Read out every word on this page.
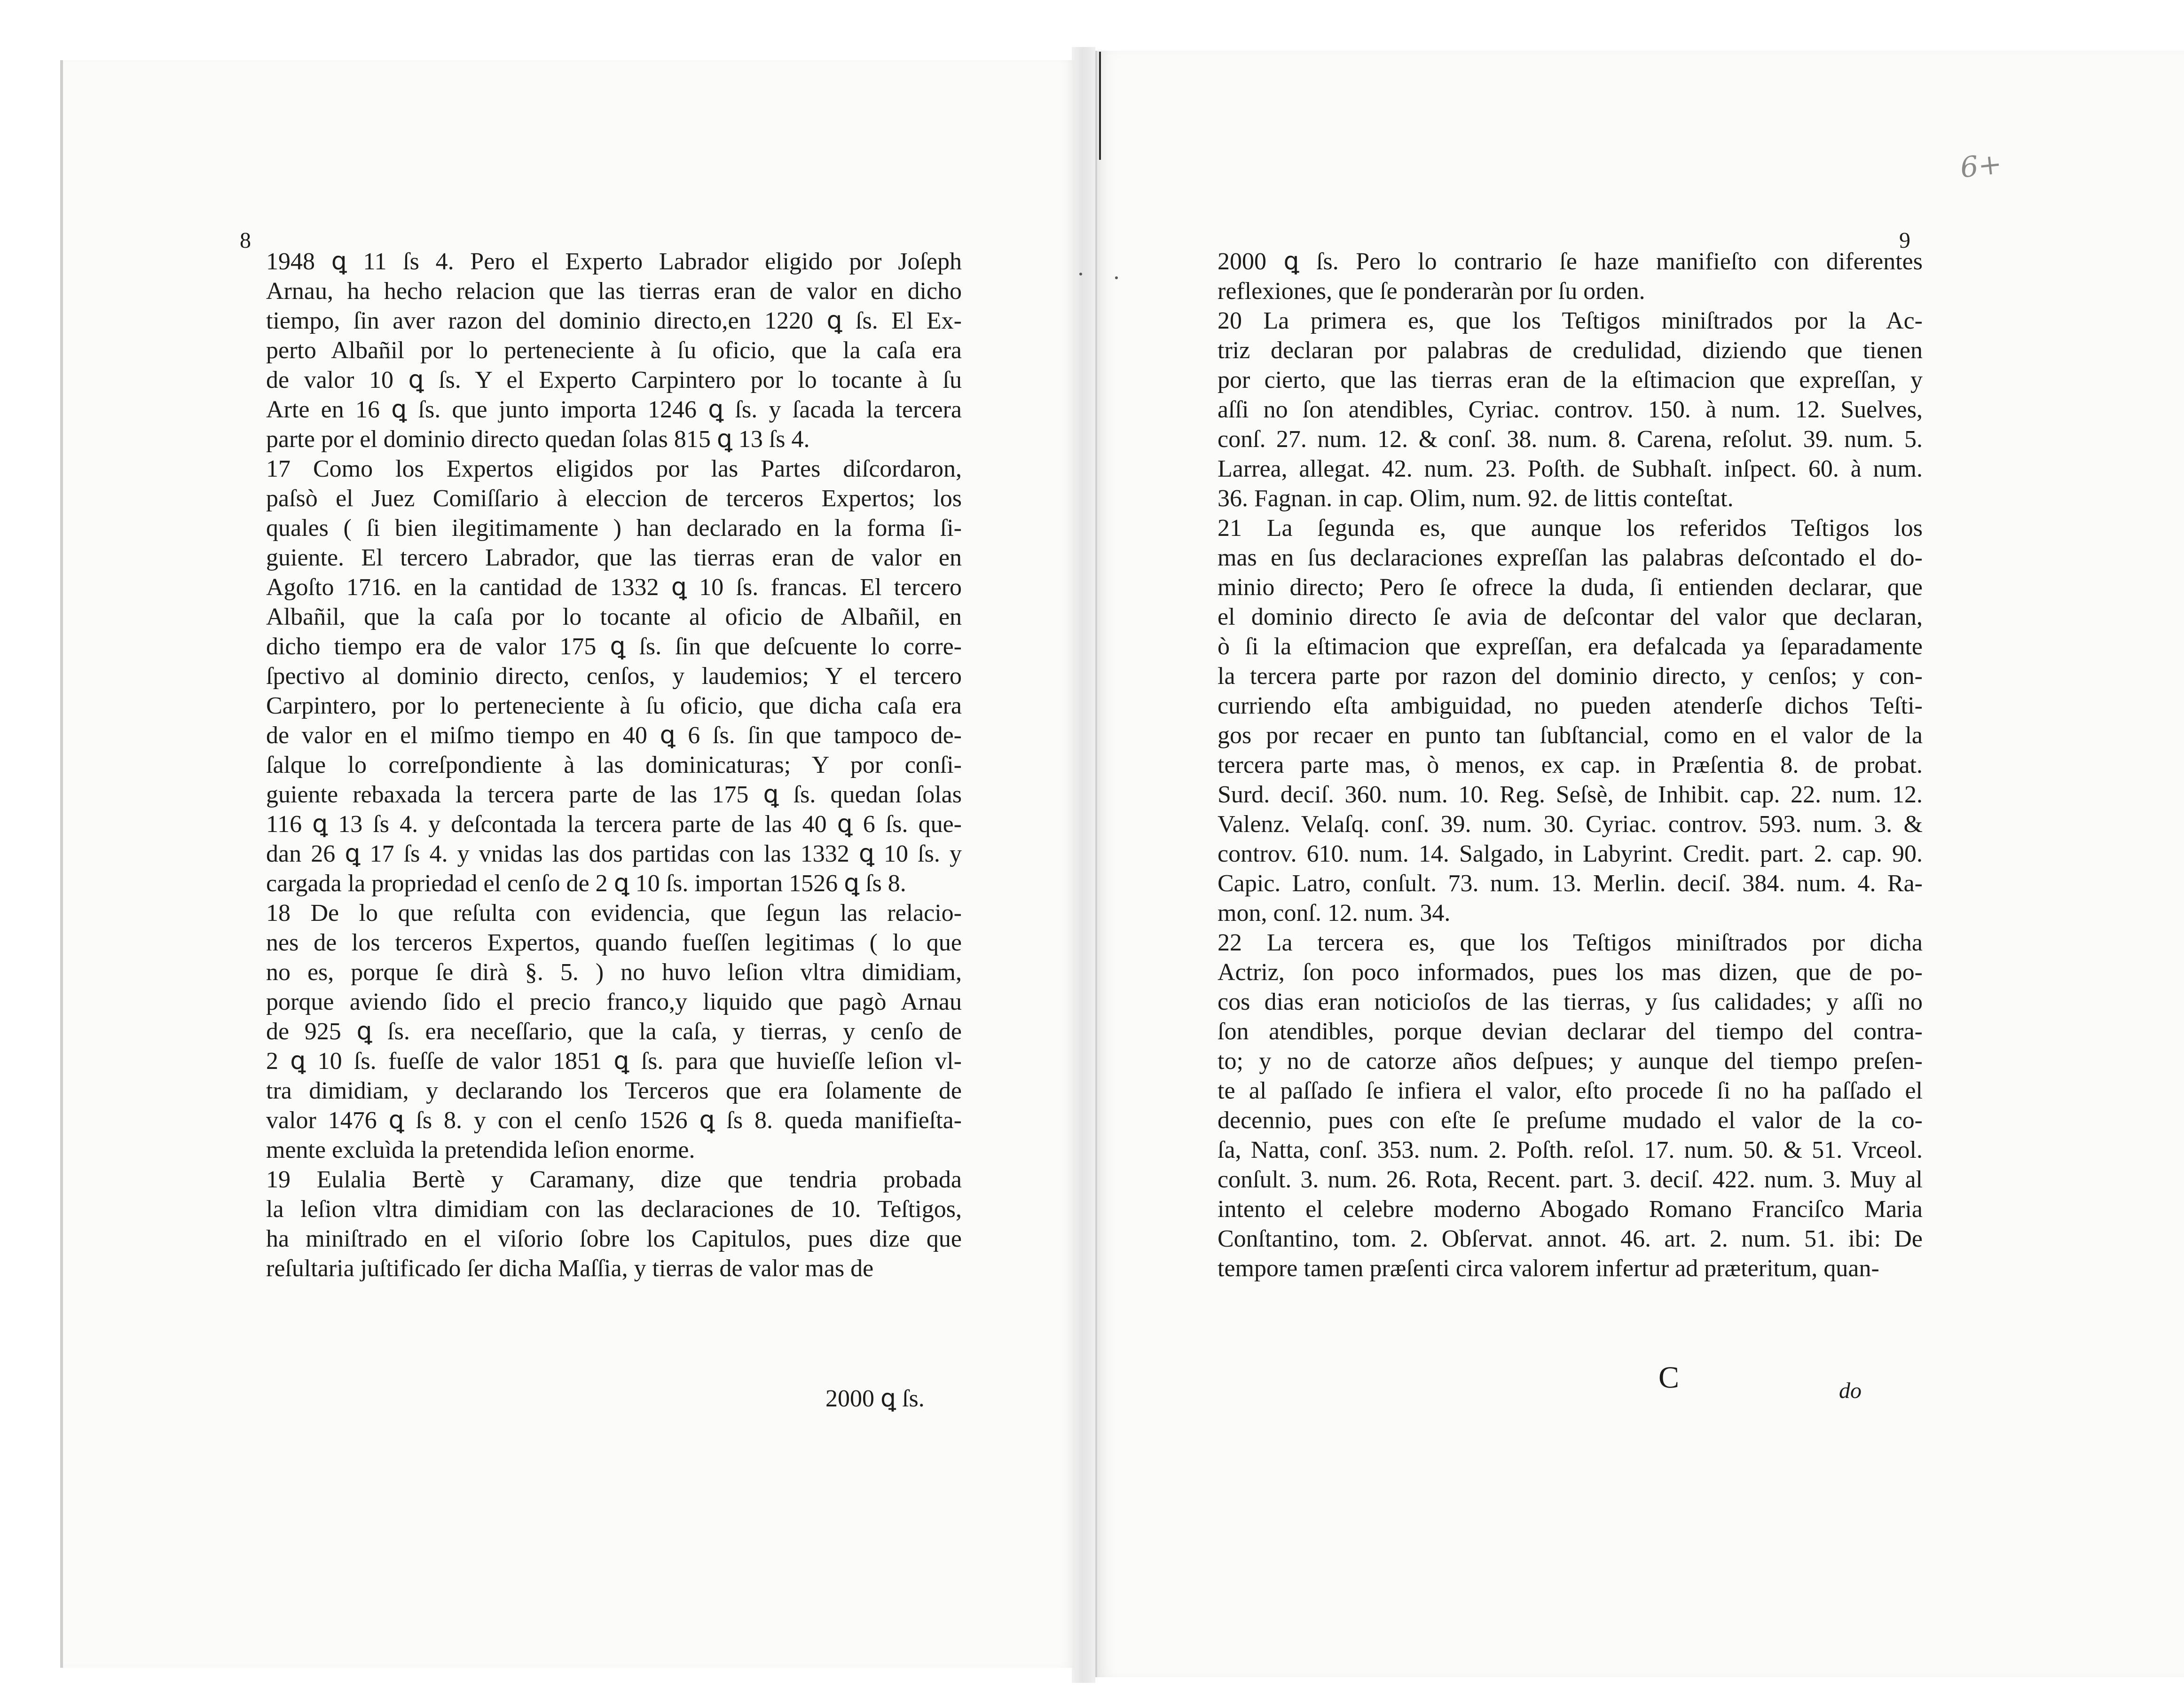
8	9
6+
1948 ꝗ 11 ſs 4. Pero el Experto Labrador eligido por Joſeph
Arnau, ha hecho relacion que las tierras eran de valor en dicho
tiempo, ſin aver razon del dominio directo,en 1220 ꝗ ſs. El Ex-
perto Albañil por lo perteneciente à ſu oficio, que la caſa era
de valor 10 ꝗ ſs. Y el Experto Carpintero por lo tocante à ſu
Arte en 16 ꝗ ſs. que junto importa 1246 ꝗ ſs. y ſacada la tercera
parte por el dominio directo quedan ſolas 815 ꝗ 13 ſs 4.
17 Como los Expertos eligidos por las Partes diſcordaron,
paſsò el Juez Comiſſario à eleccion de terceros Expertos; los
quales ( ſi bien ilegitimamente ) han declarado en la forma ſi-
guiente. El tercero Labrador, que las tierras eran de valor en
Agoſto 1716. en la cantidad de 1332 ꝗ 10 ſs. francas. El tercero
Albañil, que la caſa por lo tocante al oficio de Albañil, en
dicho tiempo era de valor 175 ꝗ ſs. ſin que deſcuente lo corre-
ſpectivo al dominio directo, cenſos, y laudemios; Y el tercero
Carpintero, por lo perteneciente à ſu oficio, que dicha caſa era
de valor en el miſmo tiempo en 40 ꝗ 6 ſs. ſin que tampoco de-
ſalque lo correſpondiente à las dominicaturas; Y por conſi-
guiente rebaxada la tercera parte de las 175 ꝗ ſs. quedan ſolas
116 ꝗ 13 ſs 4. y deſcontada la tercera parte de las 40 ꝗ 6 ſs. que-
dan 26 ꝗ 17 ſs 4. y vnidas las dos partidas con las 1332 ꝗ 10 ſs. y
cargada la propriedad el cenſo de 2 ꝗ 10 ſs. importan 1526 ꝗ ſs 8.
18 De lo que reſulta con evidencia, que ſegun las relacio-
nes de los terceros Expertos, quando fueſſen legitimas ( lo que
no es, porque ſe dirà §. 5. ) no huvo leſion vltra dimidiam,
porque aviendo ſido el precio franco,y liquido que pagò Arnau
de 925 ꝗ ſs. era neceſſario, que la caſa, y tierras, y cenſo de
2 ꝗ 10 ſs. fueſſe de valor 1851 ꝗ ſs. para que huvieſſe leſion vl-
tra dimidiam, y declarando los Terceros que era ſolamente de
valor 1476 ꝗ ſs 8. y con el cenſo 1526 ꝗ ſs 8. queda manifieſta-
mente excluìda la pretendida leſion enorme.
19 Eulalia Bertè y Caramany, dize que tendria probada
la leſion vltra dimidiam con las declaraciones de 10. Teſtigos,
ha miniſtrado en el viſorio ſobre los Capitulos, pues dize que
reſultaria juſtificado ſer dicha Maſſia, y tierras de valor mas de
2000 ꝗ ſs.
2000 ꝗ ſs. Pero lo contrario ſe haze manifieſto con diferentes
reflexiones, que ſe ponderaràn por ſu orden.
20 La primera es, que los Teſtigos miniſtrados por la Ac-
triz declaran por palabras de credulidad, diziendo que tienen
por cierto, que las tierras eran de la eſtimacion que expreſſan, y
aſſi no ſon atendibles, Cyriac. controv. 150. à num. 12. Suelves,
conſ. 27. num. 12. & conſ. 38. num. 8. Carena, reſolut. 39. num. 5.
Larrea, allegat. 42. num. 23. Poſth. de Subhaſt. inſpect. 60. à num.
36. Fagnan. in cap. Olim, num. 92. de littis conteſtat.
21 La ſegunda es, que aunque los referidos Teſtigos los
mas en ſus declaraciones expreſſan las palabras deſcontado el do-
minio directo; Pero ſe ofrece la duda, ſi entienden declarar, que
el dominio directo ſe avia de deſcontar del valor que declaran,
ò ſi la eſtimacion que expreſſan, era defalcada ya ſeparadamente
la tercera parte por razon del dominio directo, y cenſos; y con-
curriendo eſta ambiguidad, no pueden atenderſe dichos Teſti-
gos por recaer en punto tan ſubſtancial, como en el valor de la
tercera parte mas, ò menos, ex cap. in Præſentia 8. de probat.
Surd. deciſ. 360. num. 10. Reg. Seſsè, de Inhibit. cap. 22. num. 12.
Valenz. Velaſq. conſ. 39. num. 30. Cyriac. controv. 593. num. 3. &
controv. 610. num. 14. Salgado, in Labyrint. Credit. part. 2. cap. 90.
Capic. Latro, conſult. 73. num. 13. Merlin. deciſ. 384. num. 4. Ra-
mon, conſ. 12. num. 34.
22 La tercera es, que los Teſtigos miniſtrados por dicha
Actriz, ſon poco informados, pues los mas dizen, que de po-
cos dias eran noticioſos de las tierras, y ſus calidades; y aſſi no
ſon atendibles, porque devian declarar del tiempo del contra-
to; y no de catorze años deſpues; y aunque del tiempo preſen-
te al paſſado ſe infiera el valor, eſto procede ſi no ha paſſado el
decennio, pues con eſte ſe preſume mudado el valor de la co-
ſa, Natta, conſ. 353. num. 2. Poſth. reſol. 17. num. 50. & 51. Vrceol.
conſult. 3. num. 26. Rota, Recent. part. 3. deciſ. 422. num. 3. Muy al
intento el celebre moderno Abogado Romano Franciſco Maria
Conſtantino, tom. 2. Obſervat. annot. 46. art. 2. num. 51. ibi: De
tempore tamen præſenti circa valorem infertur ad præteritum, quan-
C	do
